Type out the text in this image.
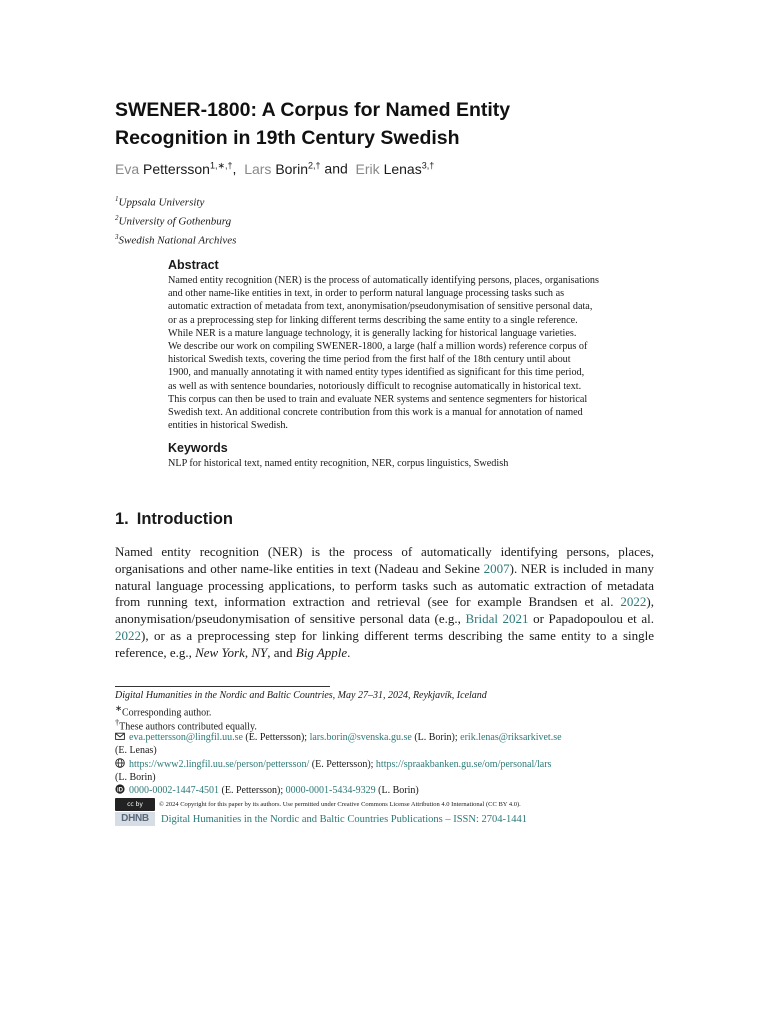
SWENER-1800: A Corpus for Named Entity
Recognition in 19th Century Swedish
Eva Pettersson$^{1,∗,\dagger}$, Lars Borin$^{2,\dagger}$ and Erik Lenas$^{3,\dagger}$
$^1$Uppsala University
$^2$University of Gothenburg
$^3$Swedish National Archives
Abstract
Named entity recognition (NER) is the process of automatically identifying persons, places, organisations
and other name-like entities in text, in order to perform natural language processing tasks such as
automatic extraction of metadata from text, anonymisation/pseudonymisation of sensitive personal data,
or as a preprocessing step for linking different terms describing the same entity to a single reference.
While NER is a mature language technology, it is generally lacking for historical language varieties.
We describe our work on compiling SWENER-1800, a large (half a million words) reference corpus of
historical Swedish texts, covering the time period from the first half of the 18th century until about
1900, and manually annotating it with named entity types identified as significant for this time period,
as well as with sentence boundaries, notoriously difficult to recognise automatically in historical text.
This corpus can then be used to train and evaluate NER systems and sentence segmenters for historical
Swedish text. An additional concrete contribution from this work is a manual for annotation of named
entities in historical Swedish.
Keywords
NLP for historical text, named entity recognition, NER, corpus linguistics, Swedish
1. Introduction
Named entity recognition (NER) is the process of automatically identifying persons, places, organisations and other name-like entities in text (Nadeau and Sekine 2007). NER is included in many natural language processing applications, to perform tasks such as automatic extraction of metadata from running text, information extraction and retrieval (see for example Brandsen et al. 2022), anonymisation/pseudonymisation of sensitive personal data (e.g., Bridal 2021 or Papadopoulou et al. 2022), or as a preprocessing step for linking different terms describing the same entity to a single reference, e.g., New York, NY, and Big Apple.
Digital Humanities in the Nordic and Baltic Countries, May 27–31, 2024, Reykjavík, Iceland
∗Corresponding author.
†These authors contributed equally.
eva.pettersson@lingfil.uu.se (E. Pettersson); lars.borin@svenska.gu.se (L. Borin); erik.lenas@riksarkivet.se
(E. Lenas)
https://www2.lingfil.uu.se/person/pettersson/ (E. Pettersson); https://spraakbanken.gu.se/om/personal/lars
(L. Borin)
iD 0000-0002-1447-4501 (E. Pettersson); 0000-0001-5434-9329 (L. Borin)
cc by	© 2024 Copyright for this paper by its authors. Use permitted under Creative Commons License Attribution 4.0 International (CC BY 4.0).
DHNB	Digital Humanities in the Nordic and Baltic Countries Publications – ISSN: 2704-1441
